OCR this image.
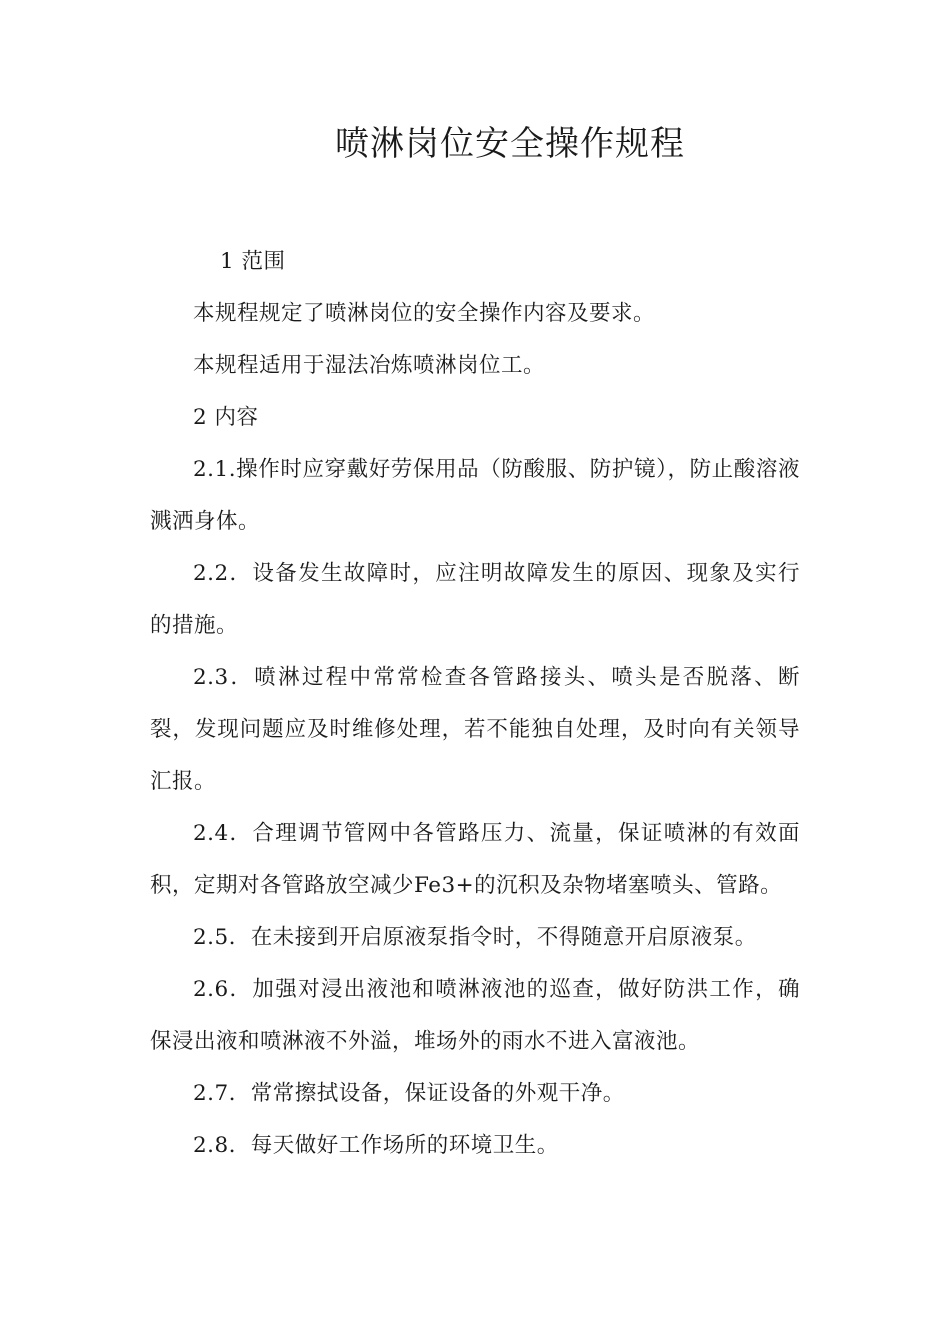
喷淋岗位安全操作规程

1 范围

本规程规定了喷淋岗位的安全操作内容及要求。

本规程适用于湿法冶炼喷淋岗位工。

2 内容

2.1.操作时应穿戴好劳保用品（防酸服、防护镜），防止酸溶液溅洒身体。

2.2．设备发生故障时，应注明故障发生的原因、现象及实行的措施。

2.3．喷淋过程中常常检查各管路接头、喷头是否脱落、断裂，发现问题应及时维修处理，若不能独自处理，及时向有关领导汇报。

2.4．合理调节管网中各管路压力、流量，保证喷淋的有效面积，定期对各管路放空减少Fe3+的沉积及杂物堵塞喷头、管路。

2.5．在未接到开启原液泵指令时，不得随意开启原液泵。

2.6．加强对浸出液池和喷淋液池的巡查，做好防洪工作，确保浸出液和喷淋液不外溢，堆场外的雨水不进入富液池。

2.7．常常擦拭设备，保证设备的外观干净。

2.8．每天做好工作场所的环境卫生。
